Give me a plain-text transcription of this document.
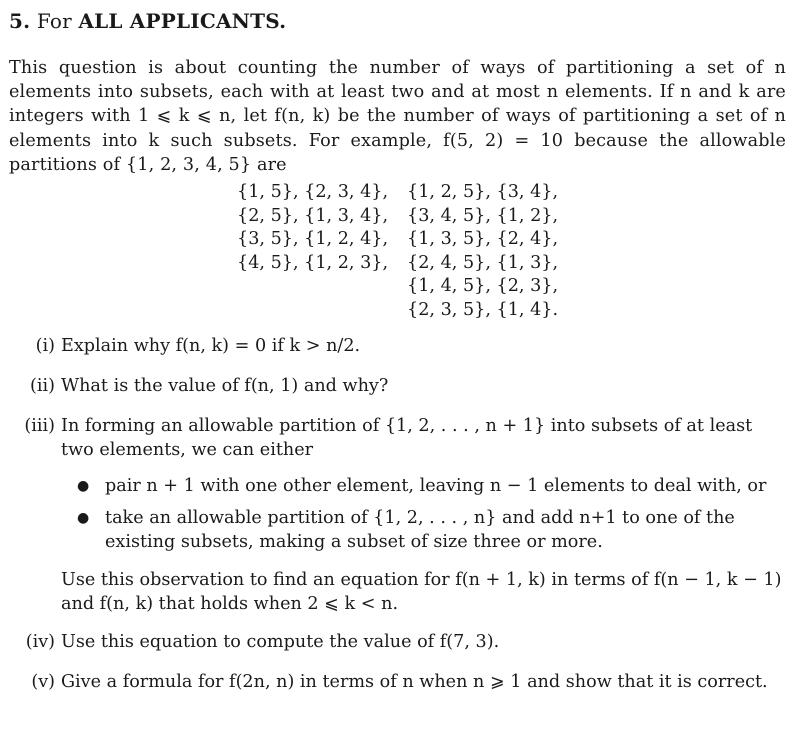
5. For ALL APPLICANTS.
This question is about counting the number of ways of partitioning a set of n elements into subsets, each with at least two and at most n elements. If n and k are integers with 1 ⩽ k ⩽ n, let f(n, k) be the number of ways of partitioning a set of n elements into k such subsets. For example, f(5, 2) = 10 because the allowable partitions of {1, 2, 3, 4, 5} are
{1, 5}, {2, 3, 4},
{2, 5}, {1, 3, 4},
{3, 5}, {1, 2, 4},
{4, 5}, {1, 2, 3},
{1, 2, 5}, {3, 4},
{3, 4, 5}, {1, 2},
{1, 3, 5}, {2, 4},
{2, 4, 5}, {1, 3},
{1, 4, 5}, {2, 3},
{2, 3, 5}, {1, 4}.
(i) Explain why f(n, k) = 0 if k > n/2.
(ii) What is the value of f(n, 1) and why?
(iii) In forming an allowable partition of {1, 2, . . . , n + 1} into subsets of at least two elements, we can either
● pair n + 1 with one other element, leaving n − 1 elements to deal with, or
● take an allowable partition of {1, 2, . . . , n} and add n+1 to one of the existing subsets, making a subset of size three or more.
Use this observation to find an equation for f(n + 1, k) in terms of f(n − 1, k − 1) and f(n, k) that holds when 2 ⩽ k < n.
(iv) Use this equation to compute the value of f(7, 3).
(v) Give a formula for f(2n, n) in terms of n when n ⩾ 1 and show that it is correct.
